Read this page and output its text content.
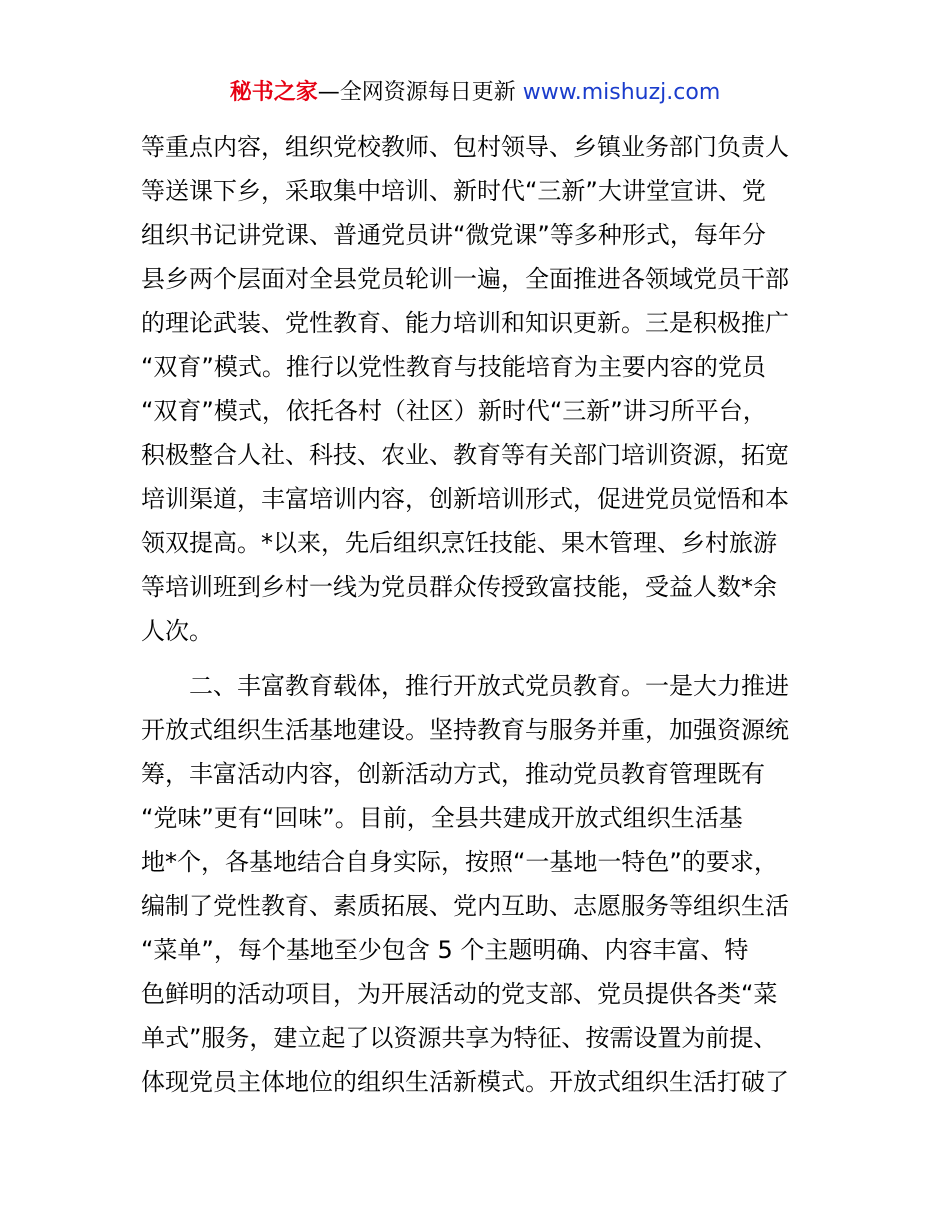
秘书之家—全网资源每日更新 www.mishuzj.com
等重点内容，组织党校教师、包村领导、乡镇业务部门负责人
等送课下乡，采取集中培训、新时代“三新”大讲堂宣讲、党
组织书记讲党课、普通党员讲“微党课”等多种形式，每年分
县乡两个层面对全县党员轮训一遍，全面推进各领域党员干部
的理论武装、党性教育、能力培训和知识更新。三是积极推广
“双育”模式。推行以党性教育与技能培育为主要内容的党员
“双育”模式，依托各村（社区）新时代“三新”讲习所平台，
积极整合人社、科技、农业、教育等有关部门培训资源，拓宽
培训渠道，丰富培训内容，创新培训形式，促进党员觉悟和本
领双提高。*以来，先后组织烹饪技能、果木管理、乡村旅游
等培训班到乡村一线为党员群众传授致富技能，受益人数*余
人次。
　　二、丰富教育载体，推行开放式党员教育。一是大力推进
开放式组织生活基地建设。坚持教育与服务并重，加强资源统
筹，丰富活动内容，创新活动方式，推动党员教育管理既有
“党味”更有“回味”。目前，全县共建成开放式组织生活基
地*个，各基地结合自身实际，按照“一基地一特色”的要求，
编制了党性教育、素质拓展、党内互助、志愿服务等组织生活
“菜单”，每个基地至少包含 5 个主题明确、内容丰富、特
色鲜明的活动项目，为开展活动的党支部、党员提供各类“菜
单式”服务，建立起了以资源共享为特征、按需设置为前提、
体现党员主体地位的组织生活新模式。开放式组织生活打破了
